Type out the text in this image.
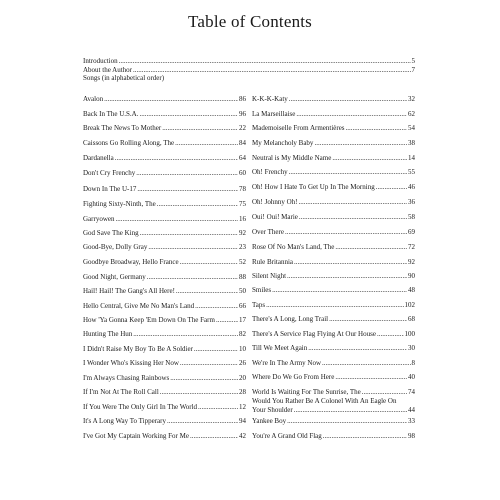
Table of Contents
Introduction .....	5
About the Author .....	7
Songs (in alphabetical order)
Avalon .....	86
Back In The U.S.A. .....	96
Break The News To Mother .....	22
Caissons Go Rolling Along, The .....	84
Dardanella .....	64
Don't Cry Frenchy .....	60
Down In The U-17 .....	78
Fighting Sixty-Ninth, The .....	75
Garryowen .....	16
God Save The King .....	92
Good-Bye, Dolly Gray .....	23
Goodbye Broadway, Hello France .....	52
Good Night, Germany .....	88
Hail! Hail! The Gang's All Here! .....	50
Hello Central, Give Me No Man's Land .....	66
How 'Ya Gonna Keep 'Em Down On The Farm .....	17
Hunting The Hun .....	82
I Didn't Raise My Boy To Be A Soldier .....	10
I Wonder Who's Kissing Her Now .....	26
I'm Always Chasing Rainbows .....	20
If I'm Not At The Roll Call .....	28
If You Were The Only Girl In The World .....	12
It's A Long Way To Tipperary .....	94
I've Got My Captain Working For Me .....	42
K-K-K-Katy .....	32
La Marseillaise .....	62
Mademoiselle From Armentières .....	54
My Melancholy Baby .....	38
Neutral is My Middle Name .....	14
Oh! Frenchy .....	55
Oh! How I Hate To Get Up In The Morning .....	46
Oh! Johnny Oh! .....	36
Oui! Oui! Marie .....	58
Over There .....	69
Rose Of No Man's Land, The .....	72
Rule Britannia .....	92
Silent Night .....	90
Smiles .....	48
Taps .....	102
There's A Long, Long Trail .....	68
There's A Service Flag Flying At Our House .....	100
Till We Meet Again .....	30
We're In The Army Now .....	8
Where Do We Go From Here .....	40
World Is Waiting For The Sunrise, The .....	74
Would You Rather Be A Colonel With An Eagle On
Your Shoulder .....	44
Yankee Boy .....	33
You're A Grand Old Flag .....	98
